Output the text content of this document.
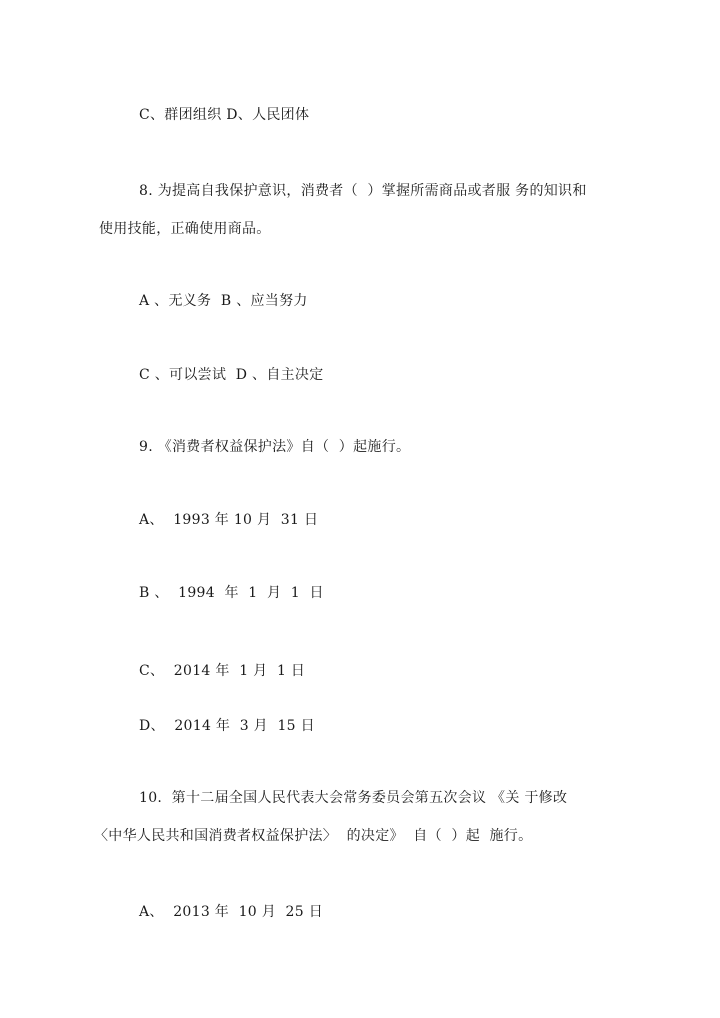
C、群团组织 D、人民团体
8. 为提高自我保护意识，消费者（  ）掌握所需商品或者服 务的知识和
使用技能，正确使用商品。
A 、无义务  B 、应当努力
C 、可以尝试  D 、自主决定
9. 《消费者权益保护法》自（  ）起施行。
A、  1993 年 10 月  31 日
B 、  1994  年  1  月  1  日
C、  2014 年  1 月  1 日
D、  2014 年  3 月  15 日
10.  第十二届全国人民代表大会常务委员会第五次会议 《关 于修改
〈中华人民共和国消费者权益保护法〉  的决定》  自（  ）起  施行。
A、  2013 年  10 月  25 日
